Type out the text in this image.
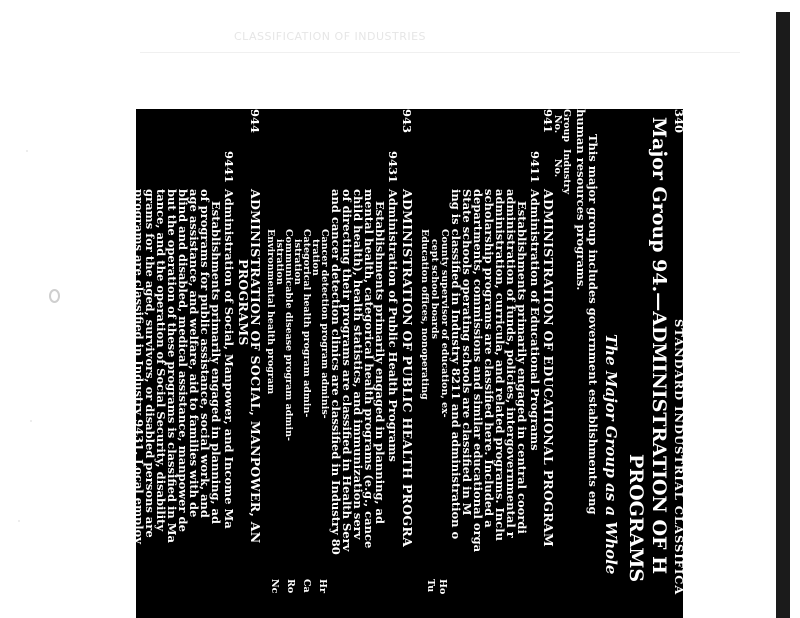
CLASSIFICATION OF INDUSTRIES

340

STANDARD INDUSTRIAL CLASSIFICA

Major Group 94.—ADMINISTRATION OF H

PROGRAMS

The Major Group as a Whole

This major group includes government establishments eng

human resources programs.

Group

Industry

No.

No.

941

ADMINISTRATION OF EDUCATIONAL PROGRAM

9411

Administration of Educational Programs

Establishments primarily engaged in central coordi

administration of funds, policies, intergovernmental r

administration, curricula, and related programs. Inclu

scholarship programs are classified here. Included a

departments, commissions and similar educational orga

State schools operating schools are classified in M

ing is classified in Industry 8211 and administration o

County supervisor of education, ex-

cept school boards

Education offices, nonoperating

943

ADMINISTRATION OF PUBLIC HEALTH PROGRA

9431

Administration of Public Health Programs

Establishments primarily engaged in planning, ad

mental health, categorical health programs (e.g., cance

child health), health statistics, and immunization serv

of directing their programs are classified in Health Serv

and cancer detection clinics are classified in Industry 80

Cancer detection program adminis-

tration

Categorical health program admin-

istration

Communicable disease program admin-

istration

Environmental health program

944

ADMINISTRATION OF SOCIAL, MANPOWER, AN

PROGRAMS

9441

Administration of Social, Manpower, and Income Ma

Establishments primarily engaged in planning, ad

of programs for public assistance, social work, and

age assistance, and welfare, aid to families with de

blind and disabled, medical assistance, manpower de

but the operation of these programs is classified in Ma

tance, and the operation of Social Security, disability

grams for the aged, survivors, or disabled persons are

programs are classified in Industry 9431. Local employ

in Industry 7361.

Equal employment opportunities office

Medical assistance program administra-

tion

Public welfare administration, nonop-

erating

Ho

Tu

Hr

Ca

Ro

Nc

Ea

We

Wo
